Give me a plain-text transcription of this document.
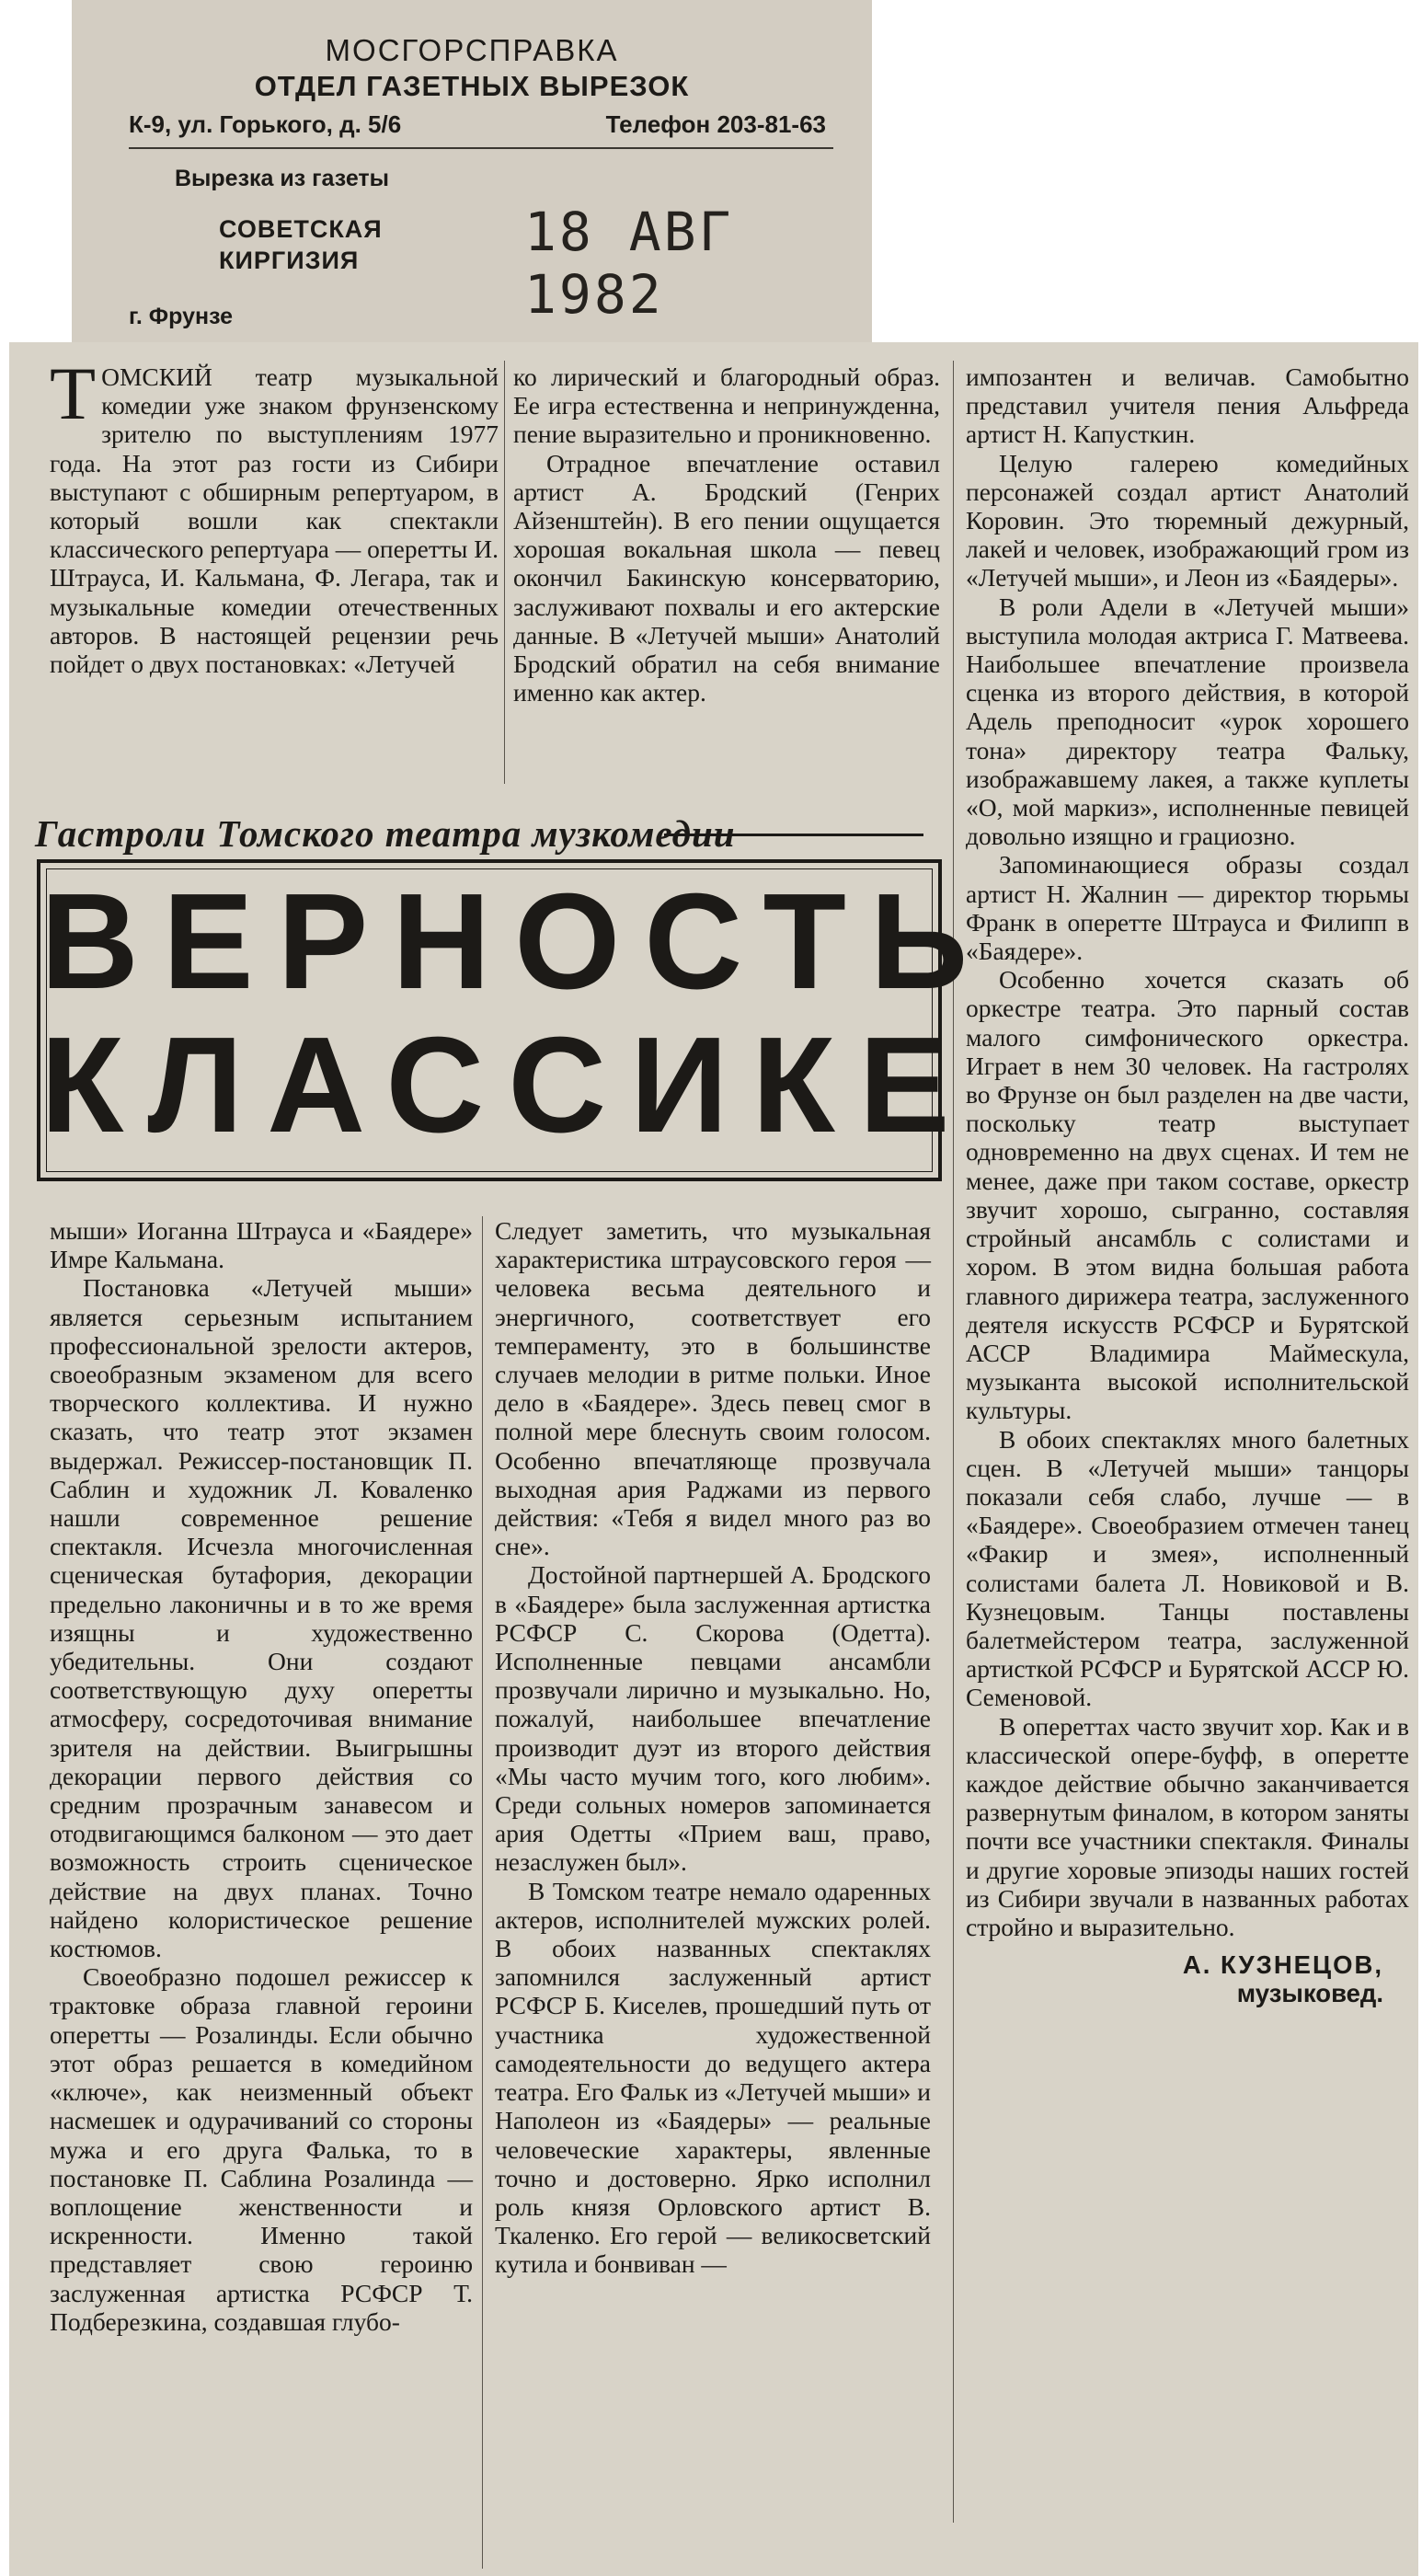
МОСГОРСПРАВКА
ОТДЕЛ ГАЗЕТНЫХ ВЫРЕЗОК
К-9, ул. Горького, д. 5/6	Телефон 203-81-63
Вырезка из газеты
СОВЕТСКАЯ КИРГИЗИЯ	18 АВГ 1982
г. Фрунзе

ТОМСКИЙ театр музыкальной комедии уже знаком фрунзенскому зрителю по выступлениям 1977 года. На этот раз гости из Сибири выступают с обширным репертуаром, в который вошли как спектакли классического репертуара — оперетты И. Штрауса, И. Кальмана, Ф. Легара, так и музыкальные комедии отечественных авторов. В настоящей рецензии речь пойдет о двух постановках: «Летучей

ко лирический и благородный образ. Ее игра естественна и непринужденна, пение выразительно и проникновенно.

Отрадное впечатление оставил артист А. Бродский (Генрих Айзенштейн). В его пении ощущается хорошая вокальная школа — певец окончил Бакинскую консерваторию, заслуживают похвалы и его актерские данные. В «Летучей мыши» Анатолий Бродский обратил на себя внимание именно как актер.

импозантен и величав. Самобытно представил учителя пения Альфреда артист Н. Капусткин.

Целую галерею комедийных персонажей создал артист Анатолий Коровин. Это тюремный дежурный, лакей и человек, изображающий гром из «Летучей мыши», и Леон из «Баядеры».

В роли Адели в «Летучей мыши» выступила молодая актриса Г. Матвеева. Наибольшее впечатление произвела сценка из второго действия, в которой Адель преподносит «урок хорошего тона» директору театра Фальку, изображавшему лакея, а также куплеты «О, мой маркиз», исполненные певицей довольно изящно и грациозно.

Запоминающиеся образы создал артист Н. Жалнин — директор тюрьмы Франк в оперетте Штрауса и Филипп в «Баядере».

Особенно хочется сказать об оркестре театра. Это парный состав малого симфонического оркестра. Играет в нем 30 человек. На гастролях во Фрунзе он был разделен на две части, поскольку театр выступает одновременно на двух сценах. И тем не менее, даже при таком составе, оркестр звучит хорошо, сыгранно, составляя стройный ансамбль с солистами и хором. В этом видна большая работа главного дирижера театра, заслуженного деятеля искусств РСФСР и Бурятской АССР Владимира Маймескула, музыканта высокой исполнительской культуры.

В обоих спектаклях много балетных сцен. В «Летучей мыши» танцоры показали себя слабо, лучше — в «Баядере». Своеобразием отмечен танец «Факир и змея», исполненный солистами балета Л. Новиковой и В. Кузнецовым. Танцы поставлены балетмейстером театра, заслуженной артисткой РСФСР и Бурятской АССР Ю. Семеновой.

В опереттах часто звучит хор. Как и в классической опере-буфф, в оперетте каждое действие обычно заканчивается развернутым финалом, в котором заняты почти все участники спектакля. Финалы и другие хоровые эпизоды наших гостей из Сибири звучали в названных работах стройно и выразительно.

А. КУЗНЕЦОВ,
музыковед.
Гастроли Томского театра музкомедии
ВЕРНОСТЬ
КЛАССИКЕ

мыши» Иоганна Штрауса и «Баядере» Имре Кальмана.

Постановка «Летучей мыши» является серьезным испытанием профессиональной зрелости актеров, своеобразным экзаменом для всего творческого коллектива. И нужно сказать, что театр этот экзамен выдержал. Режиссер-постановщик П. Саблин и художник Л. Коваленко нашли современное решение спектакля. Исчезла многочисленная сценическая бутафория, декорации предельно лаконичны и в то же время изящны и художественно убедительны. Они создают соответствующую духу оперетты атмосферу, сосредоточивая внимание зрителя на действии. Выигрышны декорации первого действия со средним прозрачным занавесом и отодвигающимся балконом — это дает возможность строить сценическое действие на двух планах. Точно найдено колористическое решение костюмов.

Своеобразно подошел режиссер к трактовке образа главной героини оперетты — Розалинды. Если обычно этот образ решается в комедийном «ключе», как неизменный объект насмешек и одурачиваний со стороны мужа и его друга Фалька, то в постановке П. Саблина Розалинда — воплощение женственности и искренности. Именно такой представляет свою героиню заслуженная артистка РСФСР Т. Подберезкина, создавшая глубо-

Следует заметить, что музыкальная характеристика штраусовского героя — человека весьма деятельного и энергичного, соответствует его темпераменту, это в большинстве случаев мелодии в ритме польки. Иное дело в «Баядере». Здесь певец смог в полной мере блеснуть своим голосом. Особенно впечатляюще прозвучала выходная ария Раджами из первого действия: «Тебя я видел много раз во сне».

Достойной партнершей А. Бродского в «Баядере» была заслуженная артистка РСФСР С. Скорова (Одетта). Исполненные певцами ансамбли прозвучали лирично и музыкально. Но, пожалуй, наибольшее впечатление производит дуэт из второго действия «Мы часто мучим того, кого любим». Среди сольных номеров запоминается ария Одетты «Прием ваш, право, незаслужен был».

В Томском театре немало одаренных актеров, исполнителей мужских ролей. В обоих названных спектаклях запомнился заслуженный артист РСФСР Б. Киселев, прошедший путь от участника художественной самодеятельности до ведущего актера театра. Его Фальк из «Летучей мыши» и Наполеон из «Баядеры» — реальные человеческие характеры, явленные точно и достоверно. Ярко исполнил роль князя Орловского артист В. Ткаленко. Его герой — великосветский кутила и бонвиван —
